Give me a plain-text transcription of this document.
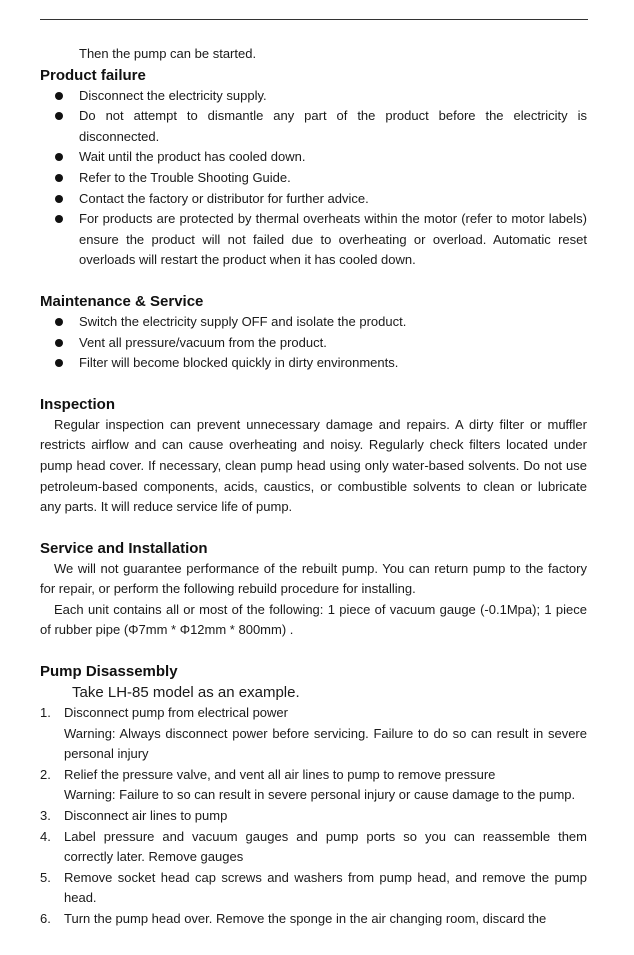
Then the pump can be started.

Product failure
Disconnect the electricity supply.
Do not attempt to dismantle any part of the product before the electricity is disconnected.
Wait until the product has cooled down.
Refer to the Trouble Shooting Guide.
Contact the factory or distributor for further advice.
For products are protected by thermal overheats within the motor (refer to motor labels) ensure the product will not failed due to overheating or overload. Automatic reset overloads will restart the product when it has cooled down.
Maintenance & Service
Switch the electricity supply OFF and isolate the product.
Vent all pressure/vacuum from the product.
Filter will become blocked quickly in dirty environments.
Inspection

Regular inspection can prevent unnecessary damage and repairs. A dirty filter or muffler restricts airflow and can cause overheating and noisy. Regularly check filters located under pump head cover. If necessary, clean pump head using only water-based solvents. Do not use petroleum-based components, acids, caustics, or combustible solvents to clean or lubricate any parts. It will reduce service life of pump.

Service and Installation

We will not guarantee performance of the rebuilt pump. You can return pump to the factory for repair, or perform the following rebuild procedure for installing.

Each unit contains all or most of the following: 1 piece of vacuum gauge (-0.1Mpa); 1 piece of rubber pipe (Φ7mm * Φ12mm * 800mm) .

Pump Disassembly

Take LH-85 model as an example.

1. Disconnect pump from electrical power
Warning: Always disconnect power before servicing. Failure to do so can result in severe personal injury
2. Relief the pressure valve, and vent all air lines to pump to remove pressure
Warning: Failure to so can result in severe personal injury or cause damage to the pump.
3. Disconnect air lines to pump
4. Label pressure and vacuum gauges and pump ports so you can reassemble them correctly later. Remove gauges
5. Remove socket head cap screws and washers from pump head, and remove the pump head.
6. Turn the pump head over. Remove the sponge in the air changing room, discard the
